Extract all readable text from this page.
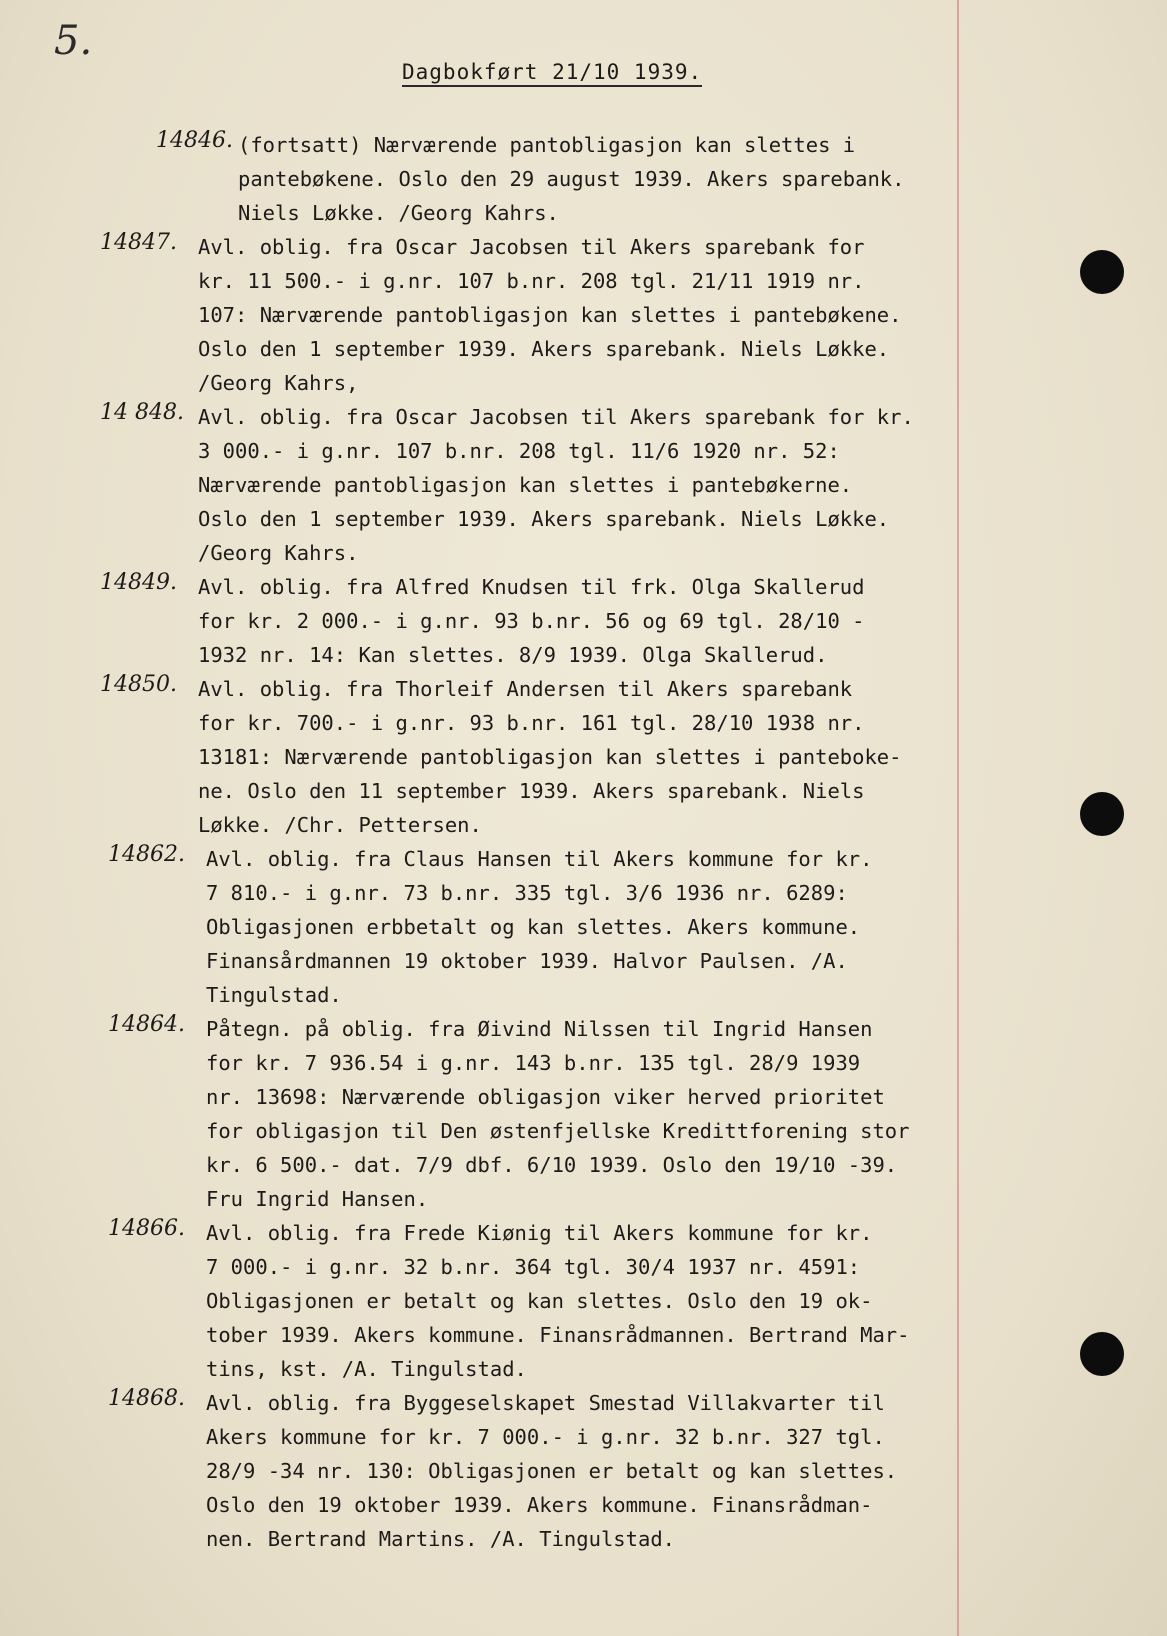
5.
Dagbokført 21/10 1939.
14846. (fortsatt) Nærværende pantobligasjon kan slettes i
pantebøkene. Oslo den 29 august 1939. Akers sparebank.
Niels Løkke. /Georg Kahrs.
14847. Avl. oblig. fra Oscar Jacobsen til Akers sparebank for
kr. 11 500.- i g.nr. 107 b.nr. 208 tgl. 21/11 1919 nr.
107: Nærværende pantobligasjon kan slettes i pantebøkene.
Oslo den 1 september 1939. Akers sparebank. Niels Løkke.
/Georg Kahrs,
14 848. Avl. oblig. fra Oscar Jacobsen til Akers sparebank for kr.
3 000.- i g.nr. 107 b.nr. 208 tgl. 11/6 1920 nr. 52:
Nærværende pantobligasjon kan slettes i pantebøkerne.
Oslo den 1 september 1939. Akers sparebank. Niels Løkke.
/Georg Kahrs.
14849. Avl. oblig. fra Alfred Knudsen til frk. Olga Skallerud
for kr. 2 000.- i g.nr. 93 b.nr. 56 og 69 tgl. 28/10 -
1932 nr. 14: Kan slettes. 8/9 1939. Olga Skallerud.
14850. Avl. oblig. fra Thorleif Andersen til Akers sparebank
for kr. 700.- i g.nr. 93 b.nr. 161 tgl. 28/10 1938 nr.
13181: Nærværende pantobligasjon kan slettes i panteboke-
ne. Oslo den 11 september 1939. Akers sparebank. Niels
Løkke. /Chr. Pettersen.
14862. Avl. oblig. fra Claus Hansen til Akers kommune for kr.
7 810.- i g.nr. 73 b.nr. 335 tgl. 3/6 1936 nr. 6289:
Obligasjonen erbbetalt og kan slettes. Akers kommune.
Finansårdmannen 19 oktober 1939. Halvor Paulsen. /A.
Tingulstad.
14864. Påtegn. på oblig. fra Øivind Nilssen til Ingrid Hansen
for kr. 7 936.54 i g.nr. 143 b.nr. 135 tgl. 28/9 1939
nr. 13698: Nærværende obligasjon viker herved prioritet
for obligasjon til Den østenfjellske Kredittforening stor
kr. 6 500.- dat. 7/9 dbf. 6/10 1939. Oslo den 19/10 -39.
Fru Ingrid Hansen.
14866. Avl. oblig. fra Frede Kiønig til Akers kommune for kr.
7 000.- i g.nr. 32 b.nr. 364 tgl. 30/4 1937 nr. 4591:
Obligasjonen er betalt og kan slettes. Oslo den 19 ok-
tober 1939. Akers kommune. Finansrådmannen. Bertrand Mar-
tins, kst. /A. Tingulstad.
14868. Avl. oblig. fra Byggeselskapet Smestad Villakvarter til
Akers kommune for kr. 7 000.- i g.nr. 32 b.nr. 327 tgl.
28/9 -34 nr. 130: Obligasjonen er betalt og kan slettes.
Oslo den 19 oktober 1939. Akers kommune. Finansrådman-
nen. Bertrand Martins. /A. Tingulstad.
